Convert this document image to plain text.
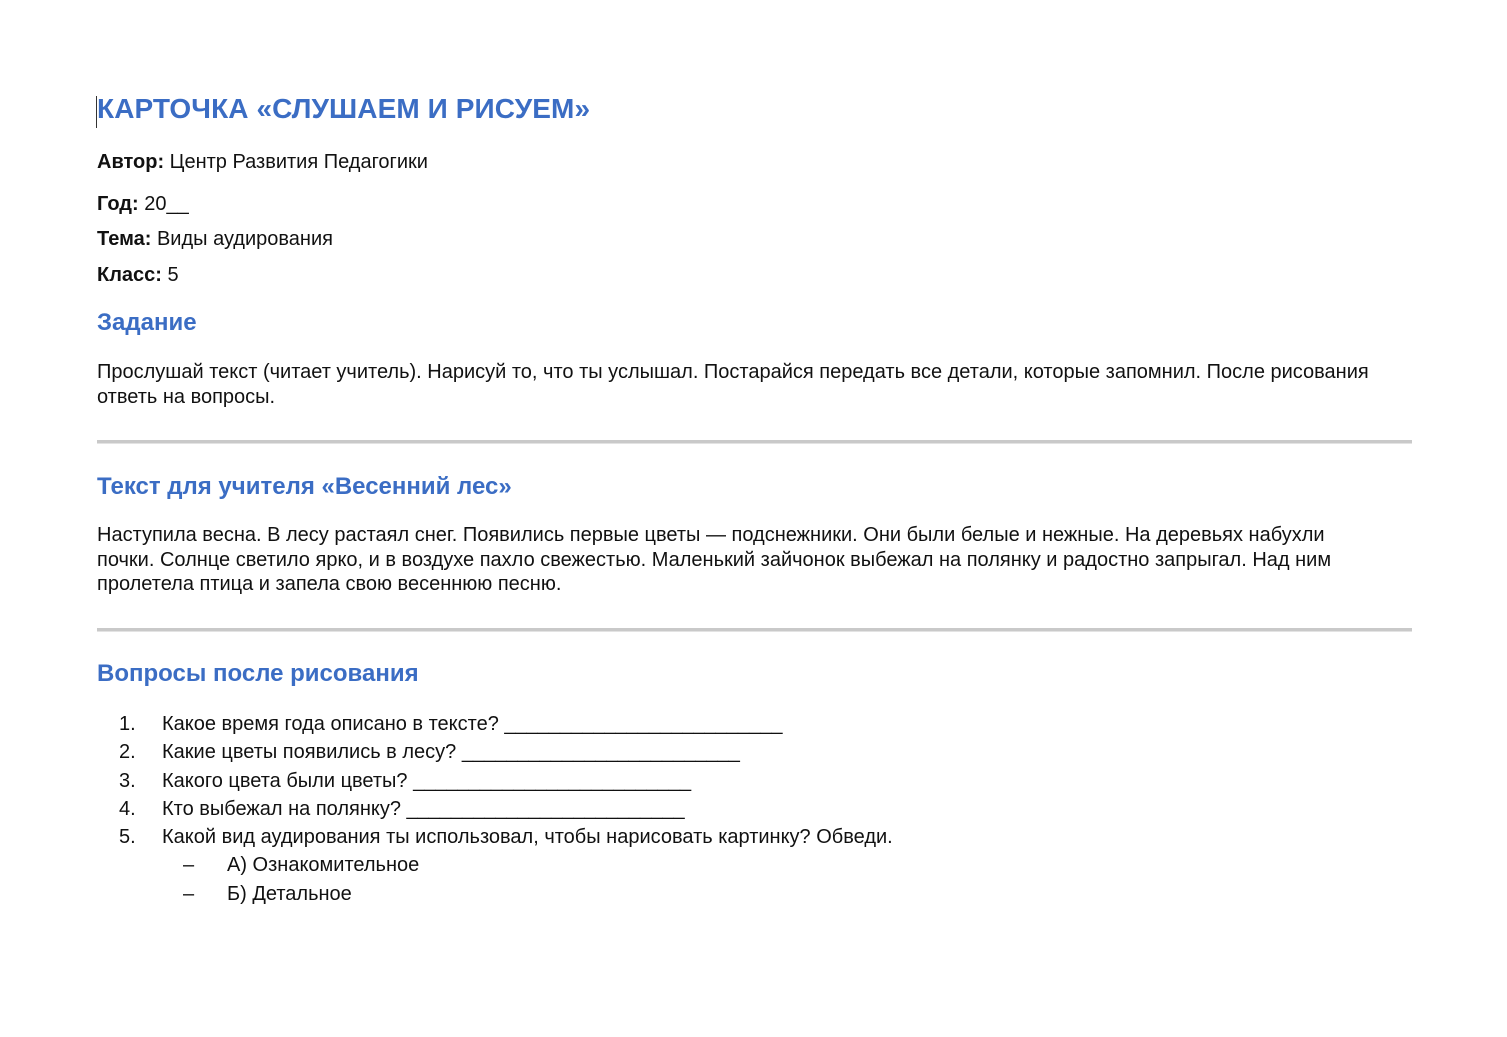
КАРТОЧКА «СЛУШАЕМ И РИСУЕМ»
Автор: Центр Развития Педагогики
Год: 20__
Тема: Виды аудирования
Класс: 5
Задание

Прослушай текст (читает учитель). Нарисуй то, что ты услышал. Постарайся передать все детали, которые запомнил. После рисования ответь на вопросы.

Текст для учителя «Весенний лес»

Наступила весна. В лесу растаял снег. Появились первые цветы — подснежники. Они были белые и нежные. На деревьях набухли почки. Солнце светило ярко, и в воздухе пахло свежестью. Маленький зайчонок выбежал на полянку и радостно запрыгал. Над ним пролетела птица и запела свою весеннюю песню.

Вопросы после рисования
1. Какое время года описано в тексте? _________________________
2. Какие цветы появились в лесу? _________________________
3. Какого цвета были цветы? _________________________
4. Кто выбежал на полянку? _________________________
5. Какой вид аудирования ты использовал, чтобы нарисовать картинку? Обведи.
– А) Ознакомительное
– Б) Детальное
